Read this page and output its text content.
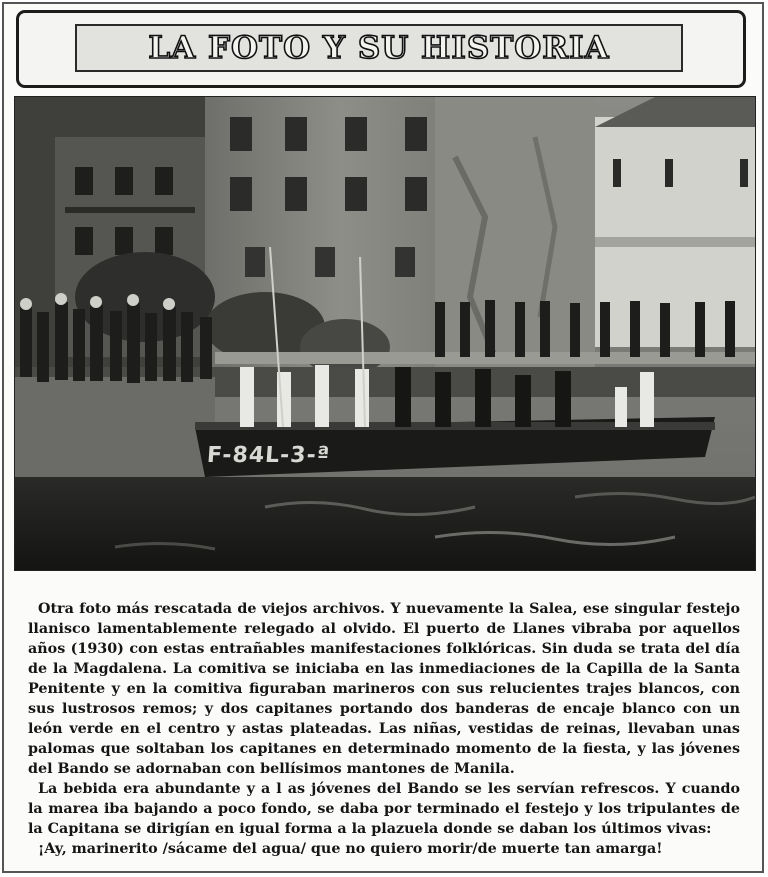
LA FOTO Y SU HISTORIA
F-84L-3-ª

Otra foto más rescatada de viejos archivos. Y nuevamente la Salea, ese singular festejo llanisco lamentablemente relegado al olvido. El puerto de Llanes vibraba por aquellos años (1930) con estas entrañables manifestaciones folklóricas. Sin duda se trata del día de la Magdalena. La comitiva se iniciaba en las inmediaciones de la Capilla de la Santa Penitente y en la comitiva figuraban marineros con sus relucientes trajes blancos, con sus lustrosos remos; y dos capitanes portando dos banderas de encaje blanco con un león verde en el centro y astas plateadas. Las niñas, vestidas de reinas, llevaban unas palomas que soltaban los capitanes en determinado momento de la fiesta, y las jóvenes del Bando se adornaban con bellísimos mantones de Manila.

La bebida era abundante y a l as jóvenes del Bando se les servían refrescos. Y cuando la marea iba bajando a poco fondo, se daba por terminado el festejo y los tripulantes de la Capitana se dirigían en igual forma a la plazuela donde se daban los últimos vivas:

¡Ay, marinerito /sácame del agua/ que no quiero morir/de muerte tan amarga!
